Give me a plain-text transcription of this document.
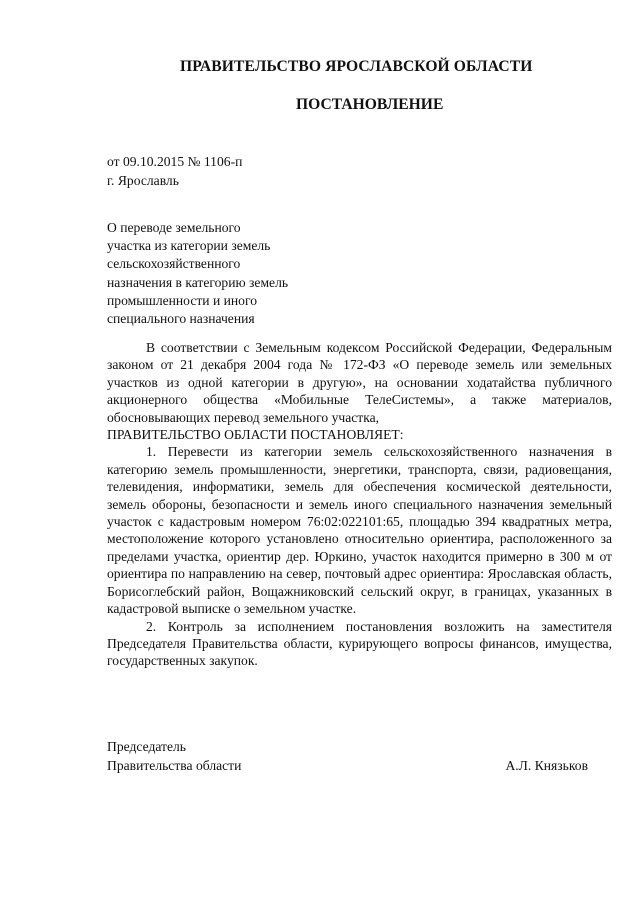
ПРАВИТЕЛЬСТВО ЯРОСЛАВСКОЙ ОБЛАСТИ
ПОСТАНОВЛЕНИЕ
от 09.10.2015 № 1106-п
г. Ярославль
О переводе земельного
участка из категории земель
сельскохозяйственного
назначения в категорию земель
промышленности и иного
специального назначения

В соответствии с Земельным кодексом Российской Федерации, Федеральным законом от 21 декабря 2004 года № 172-ФЗ «О переводе земель или земельных участков из одной категории в другую», на основании ходатайства публичного акционерного общества «Мобильные ТелеСистемы», а также материалов, обосновывающих перевод земельного участка,

ПРАВИТЕЛЬСТВО ОБЛАСТИ ПОСТАНОВЛЯЕТ:

1. Перевести из категории земель сельскохозяйственного назначения в категорию земель промышленности, энергетики, транспорта, связи, радиовещания, телевидения, информатики, земель для обеспечения космической деятельности, земель обороны, безопасности и земель иного специального назначения земельный участок с кадастровым номером 76:02:022101:65, площадью 394 квадратных метра, местоположение которого установлено относительно ориентира, расположенного за пределами участка, ориентир дер. Юркино, участок находится примерно в 300 м от ориентира по направлению на север, почтовый адрес ориентира: Ярославская область, Борисоглебский район, Вощажниковский сельский округ, в границах, указанных в кадастровой выписке о земельном участке.

2. Контроль за исполнением постановления возложить на заместителя Председателя Правительства области, курирующего вопросы финансов, имущества, государственных закупок.

Председатель
Правительства области	А.Л. Князьков
